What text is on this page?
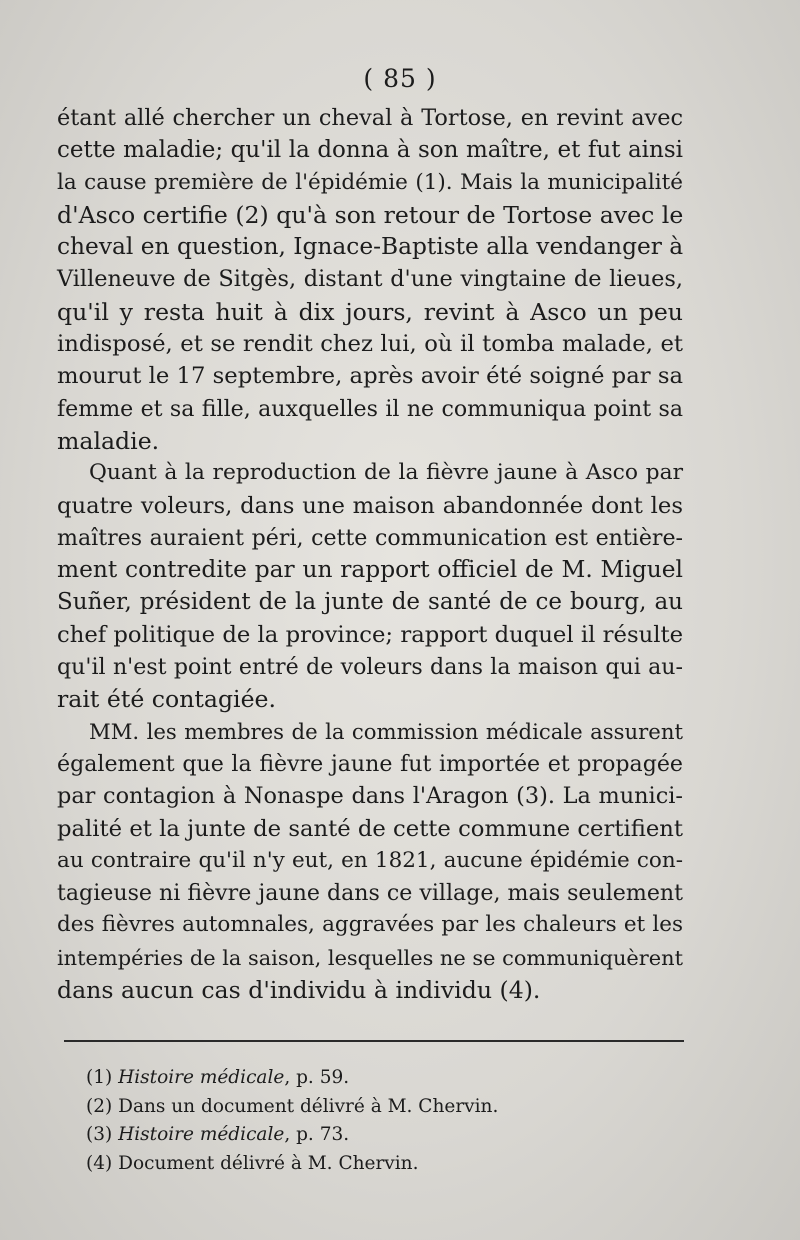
( 85 )
étant allé chercher un cheval à Tortose, en revint avec
cette maladie; qu'il la donna à son maître, et fut ainsi
la cause première de l'épidémie (1). Mais la municipalité
d'Asco certifie (2) qu'à son retour de Tortose avec le
cheval en question, Ignace-Baptiste alla vendanger à
Villeneuve de Sitgès, distant d'une vingtaine de lieues,
qu'il y resta huit à dix jours, revint à Asco un peu
indisposé, et se rendit chez lui, où il tomba malade, et
mourut le 17 septembre, après avoir été soigné par sa
femme et sa fille, auxquelles il ne communiqua point sa
maladie.
Quant à la reproduction de la fièvre jaune à Asco par
quatre voleurs, dans une maison abandonnée dont les
maîtres auraient péri, cette communication est entière-
ment contredite par un rapport officiel de M. Miguel
Suñer, président de la junte de santé de ce bourg, au
chef politique de la province; rapport duquel il résulte
qu'il n'est point entré de voleurs dans la maison qui au-
rait été contagiée.
MM. les membres de la commission médicale assurent
également que la fièvre jaune fut importée et propagée
par contagion à Nonaspe dans l'Aragon (3). La munici-
palité et la junte de santé de cette commune certifient
au contraire qu'il n'y eut, en 1821, aucune épidémie con-
tagieuse ni fièvre jaune dans ce village, mais seulement
des fièvres automnales, aggravées par les chaleurs et les
intempéries de la saison, lesquelles ne se communiquèrent
dans aucun cas d'individu à individu (4).
(1) Histoire médicale, p. 59.
(2) Dans un document délivré à M. Chervin.
(3) Histoire médicale, p. 73.
(4) Document délivré à M. Chervin.
